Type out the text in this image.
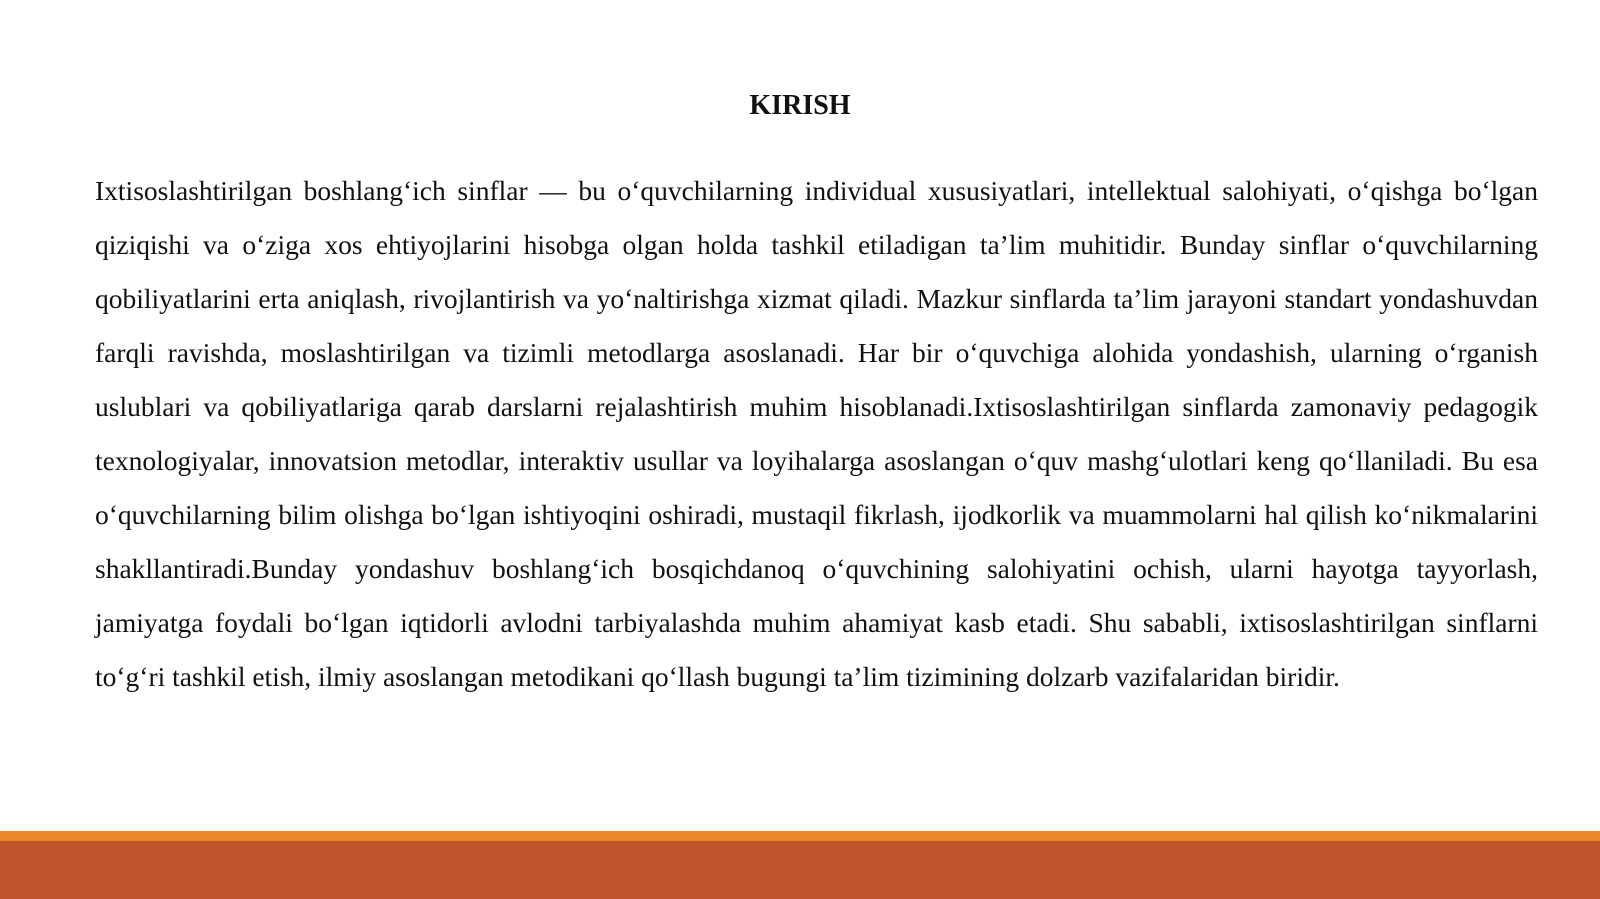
KIRISH

Ixtisoslashtirilgan boshlang‘ich sinflar — bu o‘quvchilarning individual xususiyatlari, intellektual salohiyati, o‘qishga bo‘lgan qiziqishi va o‘ziga xos ehtiyojlarini hisobga olgan holda tashkil etiladigan ta’lim muhitidir. Bunday sinflar o‘quvchilarning qobiliyatlarini erta aniqlash, rivojlantirish va yo‘naltirishga xizmat qiladi. Mazkur sinflarda ta’lim jarayoni standart yondashuvdan farqli ravishda, moslashtirilgan va tizimli metodlarga asoslanadi. Har bir o‘quvchiga alohida yondashish, ularning o‘rganish uslublari va qobiliyatlariga qarab darslarni rejalashtirish muhim hisoblanadi.Ixtisoslashtirilgan sinflarda zamonaviy pedagogik texnologiyalar, innovatsion metodlar, interaktiv usullar va loyihalarga asoslangan o‘quv mashg‘ulotlari keng qo‘llaniladi. Bu esa o‘quvchilarning bilim olishga bo‘lgan ishtiyoqini oshiradi, mustaqil fikrlash, ijodkorlik va muammolarni hal qilish ko‘nikmalarini shakllantiradi.Bunday yondashuv boshlang‘ich bosqichdanoq o‘quvchining salohiyatini ochish, ularni hayotga tayyorlash, jamiyatga foydali bo‘lgan iqtidorli avlodni tarbiyalashda muhim ahamiyat kasb etadi. Shu sababli, ixtisoslashtirilgan sinflarni to‘g‘ri tashkil etish, ilmiy asoslangan metodikani qo‘llash bugungi ta’lim tizimining dolzarb vazifalaridan biridir.
